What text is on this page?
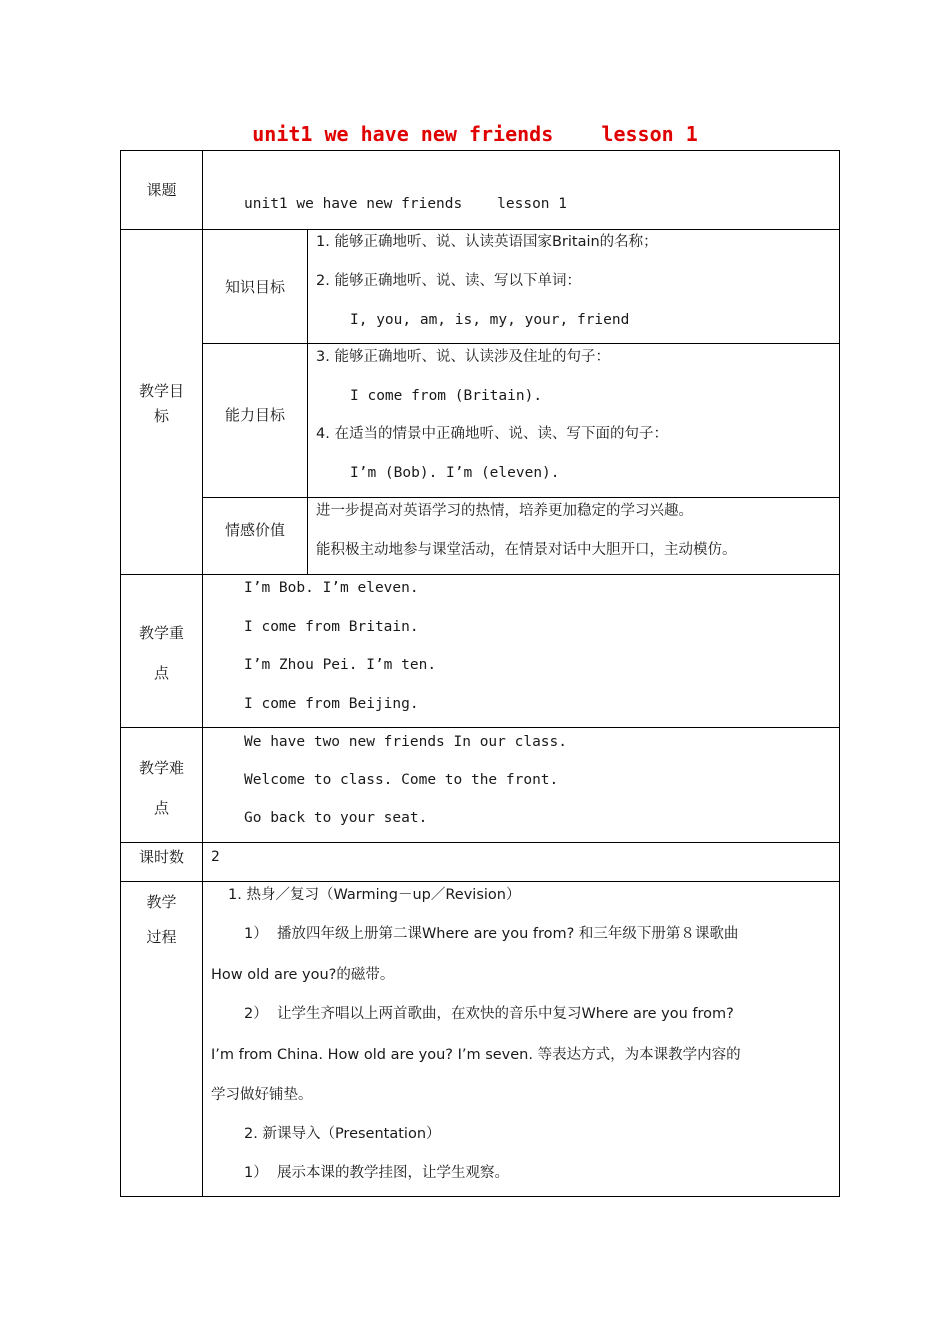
unit1 we have new friends    lesson 1
课题
unit1 we have new friends    lesson 1
教学目
标
知识目标
1. 能够正确地听、说、认读英语国家Britain的名称；
2. 能够正确地听、说、读、写以下单词：
I, you, am, is, my, your, friend
能力目标
3. 能够正确地听、说、认读涉及住址的句子：
I come from (Britain).
4. 在适当的情景中正确地听、说、读、写下面的句子：
I’m (Bob). I’m (eleven).
情感价值
进一步提高对英语学习的热情，培养更加稳定的学习兴趣。
能积极主动地参与课堂活动，在情景对话中大胆开口，主动模仿。
教学重
点
I’m Bob. I’m eleven.
I come from Britain.
I’m Zhou Pei. I’m ten.
I come from Beijing.
教学难
点
We have two new friends In our class.
Welcome to class. Come to the front.
Go back to your seat.
课时数	2
教学
过程
1. 热身／复习（Warming－up／Revision）
1）  播放四年级上册第二课Where are you from? 和三年级下册第８课歌曲
How old are you?的磁带。
2）  让学生齐唱以上两首歌曲，在欢快的音乐中复习Where are you from?
I’m from China. How old are you? I’m seven. 等表达方式，为本课教学内容的
学习做好铺垫。
2. 新课导入（Presentation）
1）  展示本课的教学挂图，让学生观察。
